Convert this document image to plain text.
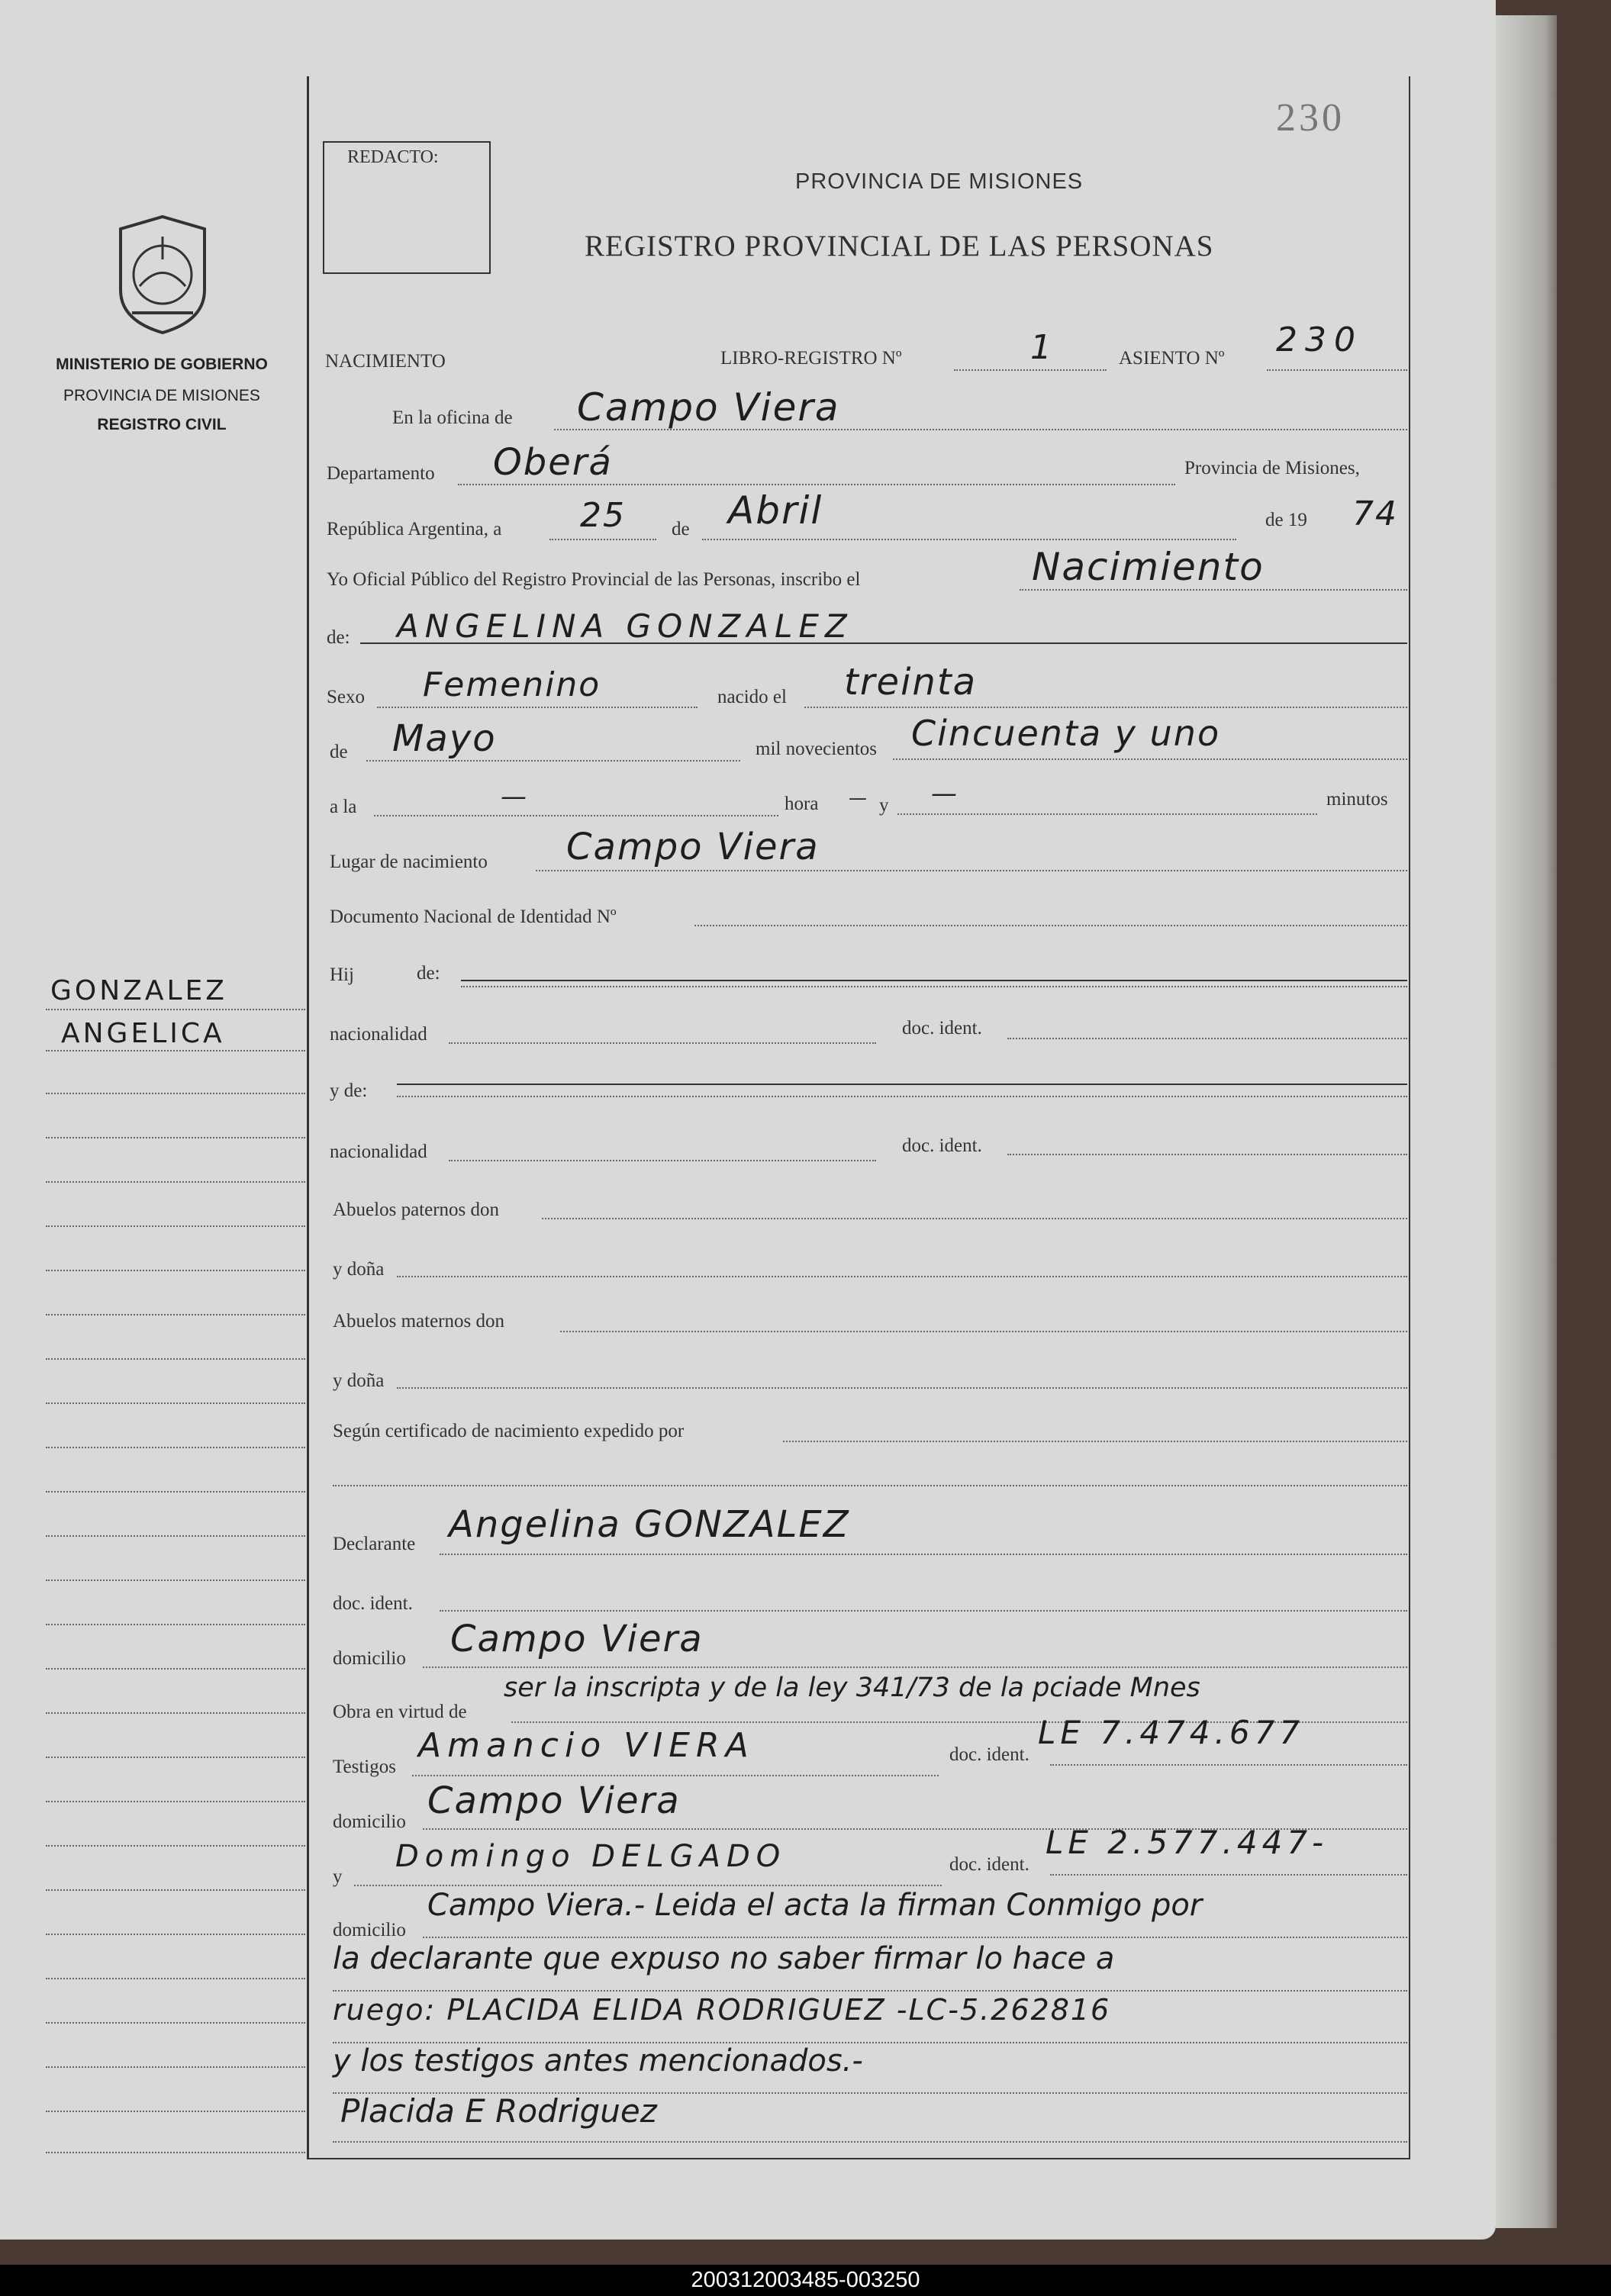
230
REDACTO:
PROVINCIA DE MISIONES
REGISTRO PROVINCIAL DE LAS PERSONAS
MINISTERIO DE GOBIERNO
PROVINCIA DE MISIONES
REGISTRO CIVIL
GONZALEZ
ANGELICA
NACIMIENTO	LIBRO-REGISTRO Nº	1	ASIENTO Nº 230
En la oficina de Campo Viera
Departamento Oberá	Provincia de Misiones,
República Argentina, a 25 de Abril	de 19 74
Yo Oficial Público del Registro Provincial de las Personas, inscribo el	Nacimiento
de: ANGELINA GONZALEZ
Sexo Femenino	nacido el treinta
de Mayo	mil novecientos Cincuenta y uno
a la	—	hora — y —	minutos
Lugar de nacimiento Campo Viera
Documento Nacional de Identidad Nº
Hij	de:
nacionalidad	doc. ident.
y de:
nacionalidad	doc. ident.
Abuelos paternos don
y doña
Abuelos maternos don
y doña
Según certificado de nacimiento expedido por
Declarante Angelina GONZALEZ
doc. ident.
domicilio Campo Viera
Obra en virtud de
ser la inscripta y de la ley 341/73 de la pciade Mnes
Testigos
Amancio VIERA	doc. ident.
LE 7.474.677
domicilio Campo Viera
y
Domingo DELGADO	doc. ident.
LE 2.577.447-
domicilio
Campo Viera.- Leida el acta la firman Conmigo por
la declarante que expuso no saber firmar lo hace a
ruego: PLACIDA ELIDA RODRIGUEZ -LC-5.262816
y los testigos antes mencionados.-
Placida E Rodriguez
200312003485-003250
